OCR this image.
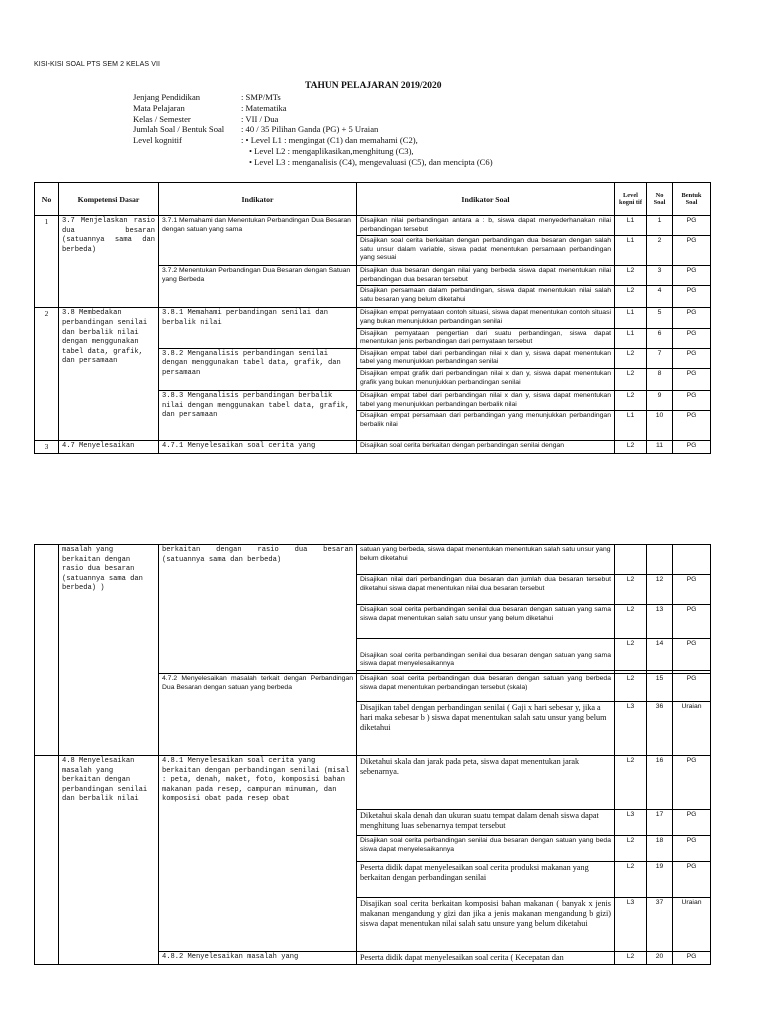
KISI-KISI SOAL PTS SEM 2 KELAS VII
TAHUN PELAJARAN 2019/2020
Jenjang Pendidikan	: SMP/MTs
Mata Pelajaran	: Matematika
Kelas / Semester	: VII / Dua
Jumlah Soal / Bentuk Soal	: 40 / 35 Pilihan Ganda (PG) + 5 Uraian
Level kognitif	: • Level L1 : mengingat (C1) dan memahami (C2),
• Level L2 : mengaplikasikan,menghitung (C3),
• Level L3 : menganalisis (C4), mengevaluasi (C5), dan mencipta (C6)
No	Kompetensi Dasar	Indikator	Indikator Soal	Level kogni tif	No Soal	Bentuk Soal
1	3.7 Menjelaskan rasio dua besaran (satuannya sama dan berbeda)	3.7.1 Memahami dan Menentukan Perbandingan Dua Besaran dengan satuan yang sama	Disajikan nilai perbandingan antara a : b, siswa dapat menyederhanakan nilai perbandingan tersebut	L1	1	PG
			Disajikan soal cerita berkaitan dengan perbandingan dua besaran dengan salah satu unsur dalam variable, siswa padat menentukan persamaan perbandingan yang sesuai	L1	2	PG
		3.7.2 Menentukan Perbandingan Dua Besaran dengan Satuan yang Berbeda	Disajikan dua besaran dengan nilai yang berbeda siswa dapat menentukan nilai perbandingan dua besaran tersebut	L2	3	PG
			Disajikan persamaan dalam perbandingan, siswa dapat menentukan nilai salah satu besaran yang belum diketahui	L2	4	PG
2	3.8 Membedakan perbandingan senilai dan berbalik nilai dengan menggunakan tabel data, grafik, dan persamaan	3.8.1 Memahami perbandingan senilai dan berbalik nilai	Disajikan empat pernyataan contoh situasi, siswa dapat menentukan contoh situasi yang bukan menunjukkan perbandingan senilai	L1	5	PG
			Disajikan pernyataan pengertian dari suatu perbandingan, siswa dapat menentukan jenis perbandingan dari pernyataan tersebut	L1	6	PG
		3.8.2 Menganalisis perbandingan senilai dengan menggunakan tabel data, grafik, dan persamaan	Disajikan empat tabel dari perbandingan nilai x dan y, siswa dapat menentukan tabel yang menunjukkan perbandingan senilai	L2	7	PG
			Disajikan empat grafik dari perbandingan nilai x dan y, siswa dapat menentukan grafik yang bukan menunjukkan perbandingan senilai	L2	8	PG
		3.8.3 Menganalisis perbandingan berbalik nilai dengan menggunakan tabel data, grafik, dan persamaan	Disajikan empat tabel dari perbandingan nilai x dan y, siswa dapat menentukan tabel yang menunjukkan perbandingan berbalik nilai	L2	9	PG
			Disajikan empat persamaan dari perbandingan yang menunjukkan perbandingan berbalik nilai	L1	10	PG
3	4.7 Menyelesaikan	4.7.1 Menyelesaikan soal cerita yang	Disajikan soal cerita berkaitan dengan perbandingan senilai dengan	L2	11	PG
	masalah yang berkaitan dengan rasio dua besaran (satuannya sama dan berbeda) )	berkaitan dengan rasio dua besaran (satuannya sama dan berbeda)	satuan yang berbeda, siswa dapat menentukan menentukan salah satu unsur yang belum diketahui			
			Disajikan nilai dari perbandingan dua besaran dan jumlah dua besaran tersebut diketahui siswa dapat menentukan nilai dua besaran tersebut	L2	12	PG
			Disajikan soal cerita perbandingan senilai dua besaran dengan satuan yang sama siswa dapat menentukan salah satu unsur yang belum diketahui	L2	13	PG
			Disajikan soal cerita perbandingan senilai dua besaran dengan satuan yang sama siswa dapat menyelesaikannya	L2	14	PG

		4.7.2 Menyelesaikan masalah terkait dengan Perbandingan Dua Besaran dengan satuan yang berbeda	Disajikan soal cerita perbandingan dua besaran dengan satuan yang berbeda siswa dapat menentukan perbandingan tersebut (skala)	L2	15	PG
			Disajikan tabel dengan perbandingan senilai ( Gaji x hari sebesar y, jika a hari maka sebesar b ) siswa dapat menentukan salah satu unsur yang belum diketahui	L3	36	Uraian
	4.8 Menyelesaikan masalah yang berkaitan dengan perbandingan senilai dan berbalik nilai	4.8.1 Menyelesaikan soal cerita yang berkaitan dengan perbandingan senilai (misal : peta, denah, maket, foto, komposisi bahan makanan pada resep, campuran minuman, dan komposisi obat pada resep obat	Diketahui skala dan jarak pada peta, siswa dapat menentukan jarak sebenarnya.	L2	16	PG
			Diketahui skala denah dan ukuran suatu tempat dalam denah siswa dapat menghitung luas sebenarnya tempat tersebut	L3	17	PG
			Disajikan soal cerita perbandingan senilai dua besaran dengan satuan yang beda siswa dapat menyelesaikannya	L2	18	PG
			Peserta didik dapat menyelesaikan soal cerita produksi makanan yang berkaitan dengan perbandingan senilai	L2	19	PG
			Disajikan soal cerita berkaitan komposisi bahan makanan ( banyak x jenis makanan mengandung y gizi dan jika a jenis makanan mengandung b gizi) siswa dapat menentukan nilai salah satu unsure yang belum diketahui	L3	37	Uraian
		4.8.2 Menyelesaikan masalah yang	Peserta didik dapat menyelesaikan soal cerita ( Kecepatan dan	L2	20	PG
